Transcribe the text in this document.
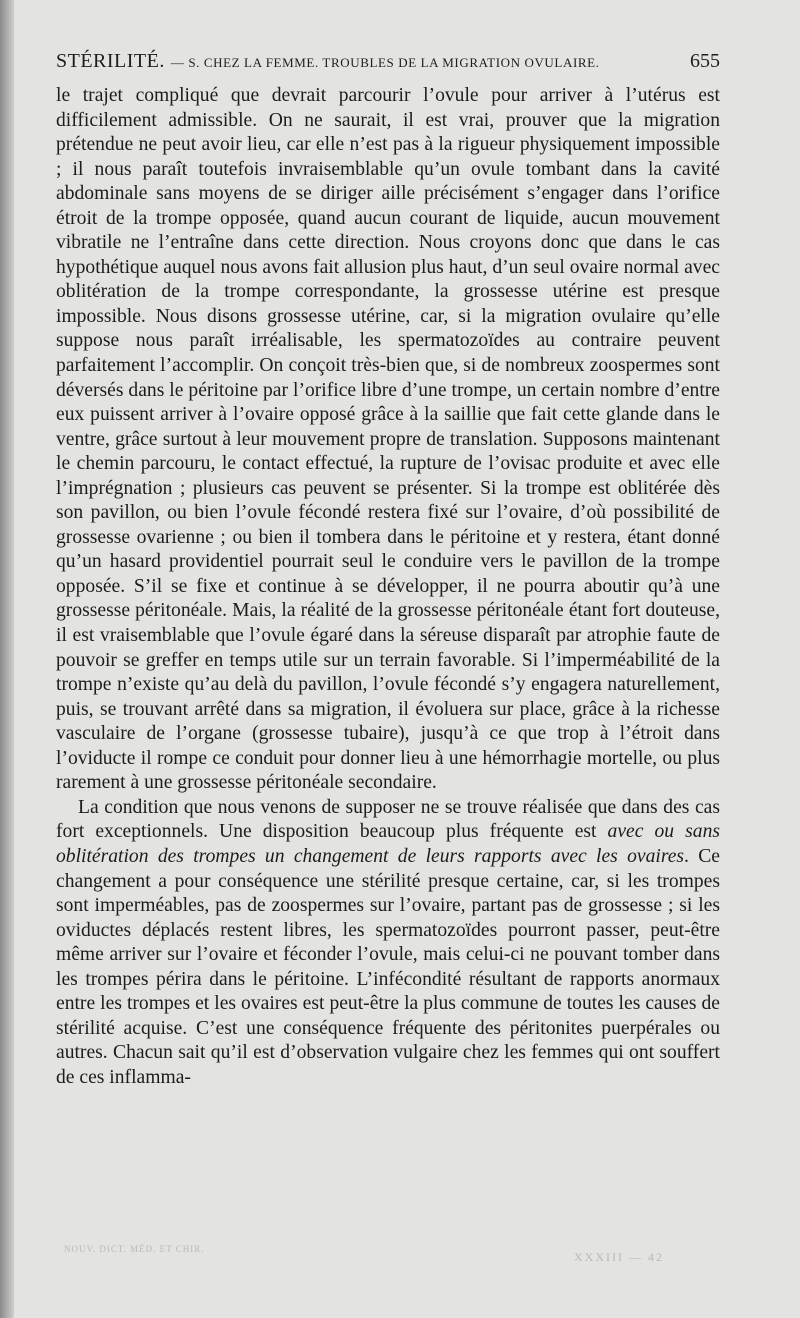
STÉRILITÉ. — S. CHEZ LA FEMME. TROUBLES DE LA MIGRATION OVULAIRE.	655

le trajet compliqué que devrait parcourir l’ovule pour arriver à l’utérus est difficilement admissible. On ne saurait, il est vrai, prouver que la migration prétendue ne peut avoir lieu, car elle n’est pas à la rigueur physiquement impossible ; il nous paraît toutefois invraisemblable qu’un ovule tombant dans la cavité abdominale sans moyens de se diriger aille précisément s’engager dans l’orifice étroit de la trompe opposée, quand aucun courant de liquide, aucun mouvement vibratile ne l’entraîne dans cette direction. Nous croyons donc que dans le cas hypothétique auquel nous avons fait allusion plus haut, d’un seul ovaire normal avec oblitération de la trompe correspondante, la grossesse utérine est presque impossible. Nous disons grossesse utérine, car, si la migration ovulaire qu’elle suppose nous paraît irréalisable, les spermatozoïdes au contraire peuvent parfaitement l’accomplir. On conçoit très-bien que, si de nombreux zoospermes sont déversés dans le péritoine par l’orifice libre d’une trompe, un certain nombre d’entre eux puissent arriver à l’ovaire opposé grâce à la saillie que fait cette glande dans le ventre, grâce surtout à leur mouvement propre de translation. Supposons maintenant le chemin parcouru, le contact effectué, la rupture de l’ovisac produite et avec elle l’imprégnation ; plusieurs cas peuvent se présenter. Si la trompe est oblitérée dès son pavillon, ou bien l’ovule fécondé restera fixé sur l’ovaire, d’où possibilité de grossesse ovarienne ; ou bien il tombera dans le péritoine et y restera, étant donné qu’un hasard providentiel pourrait seul le conduire vers le pavillon de la trompe opposée. S’il se fixe et continue à se développer, il ne pourra aboutir qu’à une grossesse péritonéale. Mais, la réalité de la grossesse péritonéale étant fort douteuse, il est vraisemblable que l’ovule égaré dans la séreuse disparaît par atrophie faute de pouvoir se greffer en temps utile sur un terrain favorable. Si l’imperméabilité de la trompe n’existe qu’au delà du pavillon, l’ovule fécondé s’y engagera naturellement, puis, se trouvant arrêté dans sa migration, il évoluera sur place, grâce à la richesse vasculaire de l’organe (grossesse tubaire), jusqu’à ce que trop à l’étroit dans l’oviducte il rompe ce conduit pour donner lieu à une hémorrhagie mortelle, ou plus rarement à une grossesse péritonéale secondaire.

La condition que nous venons de supposer ne se trouve réalisée que dans des cas fort exceptionnels. Une disposition beaucoup plus fréquente est avec ou sans oblitération des trompes un changement de leurs rapports avec les ovaires. Ce changement a pour conséquence une stérilité presque certaine, car, si les trompes sont imperméables, pas de zoospermes sur l’ovaire, partant pas de grossesse ; si les oviductes déplacés restent libres, les spermatozoïdes pourront passer, peut-être même arriver sur l’ovaire et féconder l’ovule, mais celui-ci ne pouvant tomber dans les trompes périra dans le péritoine. L’infécondité résultant de rapports anormaux entre les trompes et les ovaires est peut-être la plus commune de toutes les causes de stérilité acquise. C’est une conséquence fréquente des péritonites puerpérales ou autres. Chacun sait qu’il est d’observation vulgaire chez les femmes qui ont souffert de ces inflamma-

NOUV. DICT. MÉD. ET CHIR.
XXXIII — 42
